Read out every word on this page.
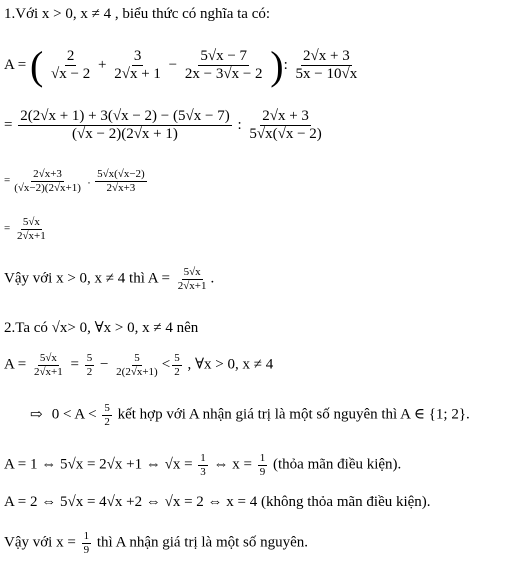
1.Với x > 0, x ≠ 4 , biểu thức có nghĩa ta có:
A = ( $\frac{2}{√x - 2} + \frac{3}{2√x + 1} - \frac{5√x - 7}{2x - 3√x - 2}$ ): $\frac{2√x + 3}{5x - 10√x}$
= $\frac{2(2√x + 1) + 3(√x - 2) - (5√x - 7)}{(√x - 2)(2√x + 1)}$ : $\frac{2√x + 3}{5√x(√x - 2)}$
= $\frac{2√x+3}{(√x-2)(2√x+1)}$ . $\frac{5√x(√x-2)}{2√x+3}$
= $\frac{5√x}{2√x+1}$
Vậy với x > 0, x ≠ 4 thì $A = \frac{5√x}{2√x+1}$ .
2.Ta có √x> 0, ∀x > 0, x ≠ 4 nên
$A = \frac{5√x}{2√x+1} = \frac{5}{2} - \frac{5}{2(2√x+1)} < \frac{5}{2}$ , ∀x > 0, x ≠ 4
⇨ $0 < A < \frac{5}{2}$ kết hợp với A nhận giá trị là một số nguyên thì A ∈ {1; 2}.
A = 1 ⇔ 5√x = 2√x +1 ⇔ $√x = \frac{1}{3}$ ⇔ $x = \frac{1}{9}$ (thỏa mãn điều kiện).
A = 2 ⇔ 5√x = 4√x +2 ⇔ √x = 2 ⇔ x = 4 (không thỏa mãn điều kiện).
Vậy với $x = \frac{1}{9}$ thì A nhận giá trị là một số nguyên.
